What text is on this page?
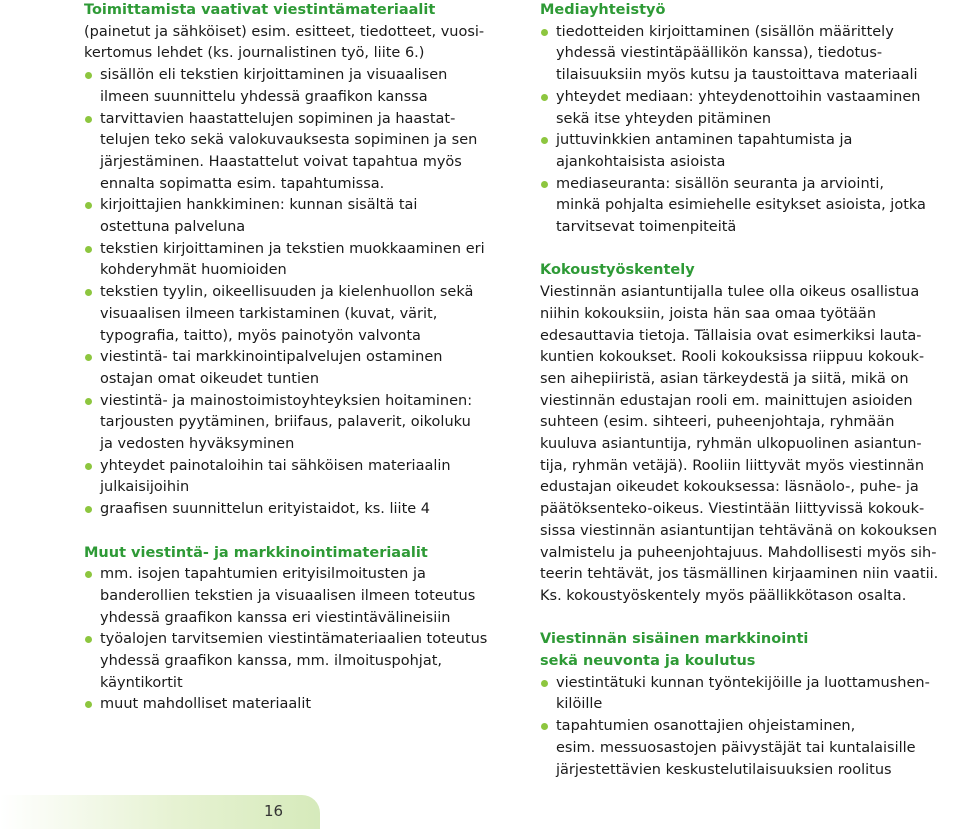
Toimittamista vaativat viestintämateriaalit

(painetut ja sähköiset) esim. esitteet, tiedotteet, vuosi-
kertomus lehdet (ks. journalistinen työ, liite 6.)

sisällön eli tekstien kirjoittaminen ja visuaalisen
ilmeen suunnittelu yhdessä graafikon kanssa
tarvittavien haastattelujen sopiminen ja haastat-
telujen teko sekä valokuvauksesta sopiminen ja sen
järjestäminen. Haastattelut voivat tapahtua myös
ennalta sopimatta esim. tapahtumissa.
kirjoittajien hankkiminen: kunnan sisältä tai
ostettuna palveluna
tekstien kirjoittaminen ja tekstien muokkaaminen eri
kohderyhmät huomioiden
tekstien tyylin, oikeellisuuden ja kielenhuollon sekä
visuaalisen ilmeen tarkistaminen (kuvat, värit,
typografia, taitto), myös painotyön valvonta
viestintä- tai markkinointipalvelujen ostaminen
ostajan omat oikeudet tuntien
viestintä- ja mainostoimistoyhteyksien hoitaminen:
tarjousten pyytäminen, briifaus, palaverit, oikoluku
ja vedosten hyväksyminen
yhteydet painotaloihin tai sähköisen materiaalin
julkaisijoihin
graafisen suunnittelun erityistaidot, ks. liite 4
Muut viestintä- ja markkinointimateriaalit
mm. isojen tapahtumien erityisilmoitusten ja
banderollien tekstien ja visuaalisen ilmeen toteutus
yhdessä graafikon kanssa eri viestintävälineisiin
työalojen tarvitsemien viestintämateriaalien toteutus
yhdessä graafikon kanssa, mm. ilmoituspohjat,
käyntikortit
muut mahdolliset materiaalit
Mediayhteistyö
tiedotteiden kirjoittaminen (sisällön määrittely
yhdessä viestintäpäällikön kanssa), tiedotus-
tilaisuuksiin myös kutsu ja taustoittava materiaali
yhteydet mediaan: yhteydenottoihin vastaaminen
sekä itse yhteyden pitäminen
juttuvinkkien antaminen tapahtumista ja
ajankohtaisista asioista
mediaseuranta: sisällön seuranta ja arviointi,
minkä pohjalta esimiehelle esitykset asioista, jotka
tarvitsevat toimenpiteitä
Kokoustyöskentely

Viestinnän asiantuntijalla tulee olla oikeus osallistua
niihin kokouksiin, joista hän saa omaa työtään
edesauttavia tietoja. Tällaisia ovat esimerkiksi lauta-
kuntien kokoukset. Rooli kokouksissa riippuu kokouk-
sen aihepiiristä, asian tärkeydestä ja siitä, mikä on
viestinnän edustajan rooli em. mainittujen asioiden
suhteen (esim. sihteeri, puheenjohtaja, ryhmään
kuuluva asiantuntija, ryhmän ulkopuolinen asiantun-
tija, ryhmän vetäjä). Rooliin liittyvät myös viestinnän
edustajan oikeudet kokouksessa: läsnäolo-, puhe- ja
päätöksenteko-oikeus. Viestintään liittyvissä kokouk-
sissa viestinnän asiantuntijan tehtävänä on kokouksen
valmistelu ja puheenjohtajuus. Mahdollisesti myös sih-
teerin tehtävät, jos täsmällinen kirjaaminen niin vaatii.
Ks. kokoustyöskentely myös päällikkötason osalta.

Viestinnän sisäinen markkinointi
sekä neuvonta ja koulutus
viestintätuki kunnan työntekijöille ja luottamushen-
kilöille
tapahtumien osanottajien ohjeistaminen,
esim. messuosastojen päivystäjät tai kuntalaisille
järjestettävien keskustelutilaisuuksien roolitus
16
